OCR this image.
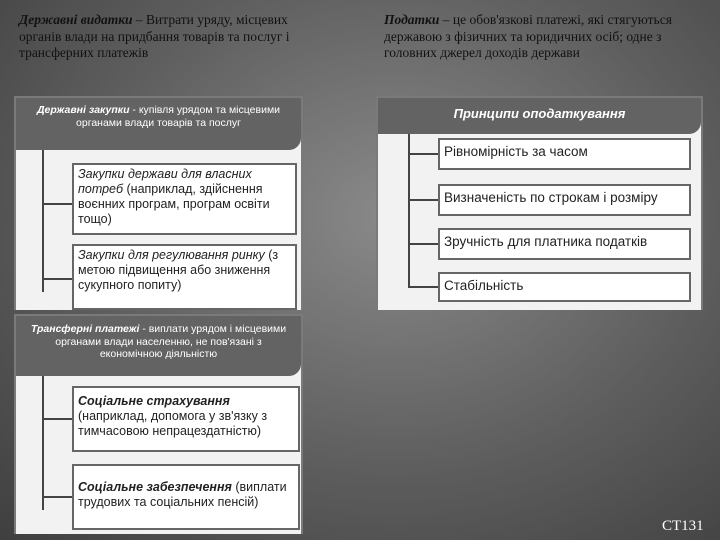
Державні видатки – Витрати уряду, місцевих органів влади на придбання товарів та послуг і трансферних платежів
Податки – це обов'язкові платежі, які стягуються державою з фізичних та юридичних осіб; одне з головних джерел доходів держави
Державні закупки - купівля урядом та місцевими органами влади товарів та послуг
Закупки держави для власних потреб (наприклад, здійснення воєнних програм, програм освіти тощо)
Закупки для регулювання ринку (з метою підвищення або зниження сукупного попиту)
Трансферні платежі - виплати урядом і місцевими органами влади населенню, не пов'язані з економічною діяльністю
Соціальне страхування (наприклад, допомога у зв'язку з тимчасовою непрацездатністю)
Соціальне забезпечення (виплати трудових та соціальних пенсій)
Принципи оподаткування
Рівномірність за часом
Визначеність по строкам і розміру
Зручність для платника податків
Стабільність
СТ131
